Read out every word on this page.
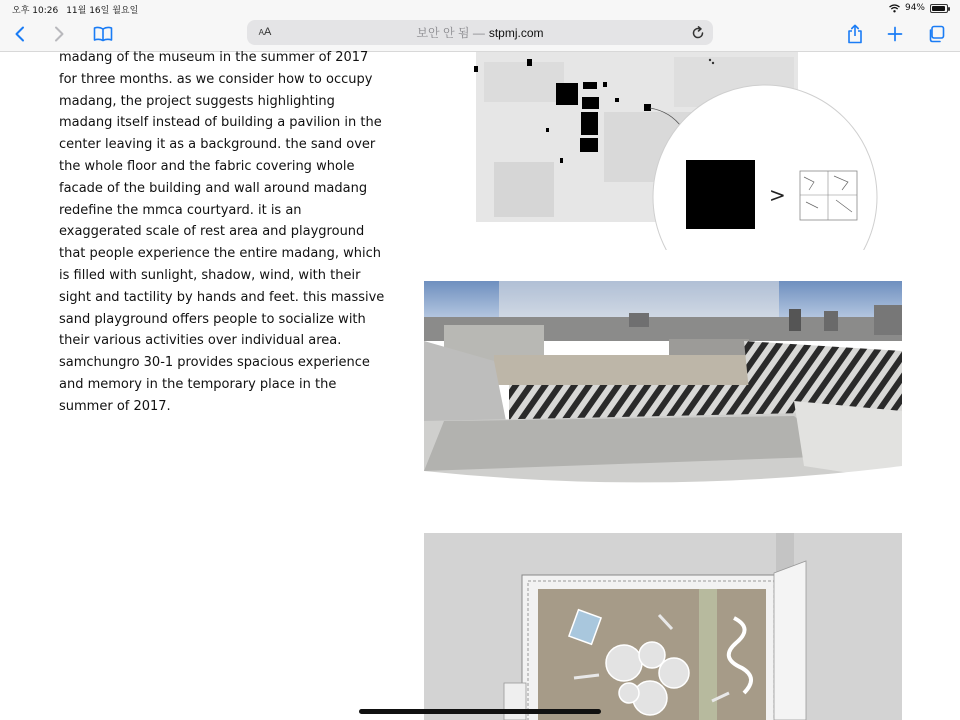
오후 10:26 11월 16일 월요일	94%
A A	보안 안 됨 — stpmj.com
madang of the museum in the summer of 2017
for three months. as we consider how to occupy
madang, the project suggests highlighting
madang itself instead of building a pavilion in the
center leaving it as a background. the sand over
the whole floor and the fabric covering whole
facade of the building and wall around madang
redefine the mmca courtyard. it is an
exaggerated scale of rest area and playground
that people experience the entire madang, which
is filled with sunlight, shadow, wind, with their
sight and tactility by hands and feet. this massive
sand playground offers people to socialize with
their various activities over individual area.
samchungro 30-1 provides spacious experience
and memory in the temporary place in the
summer of 2017.
>
